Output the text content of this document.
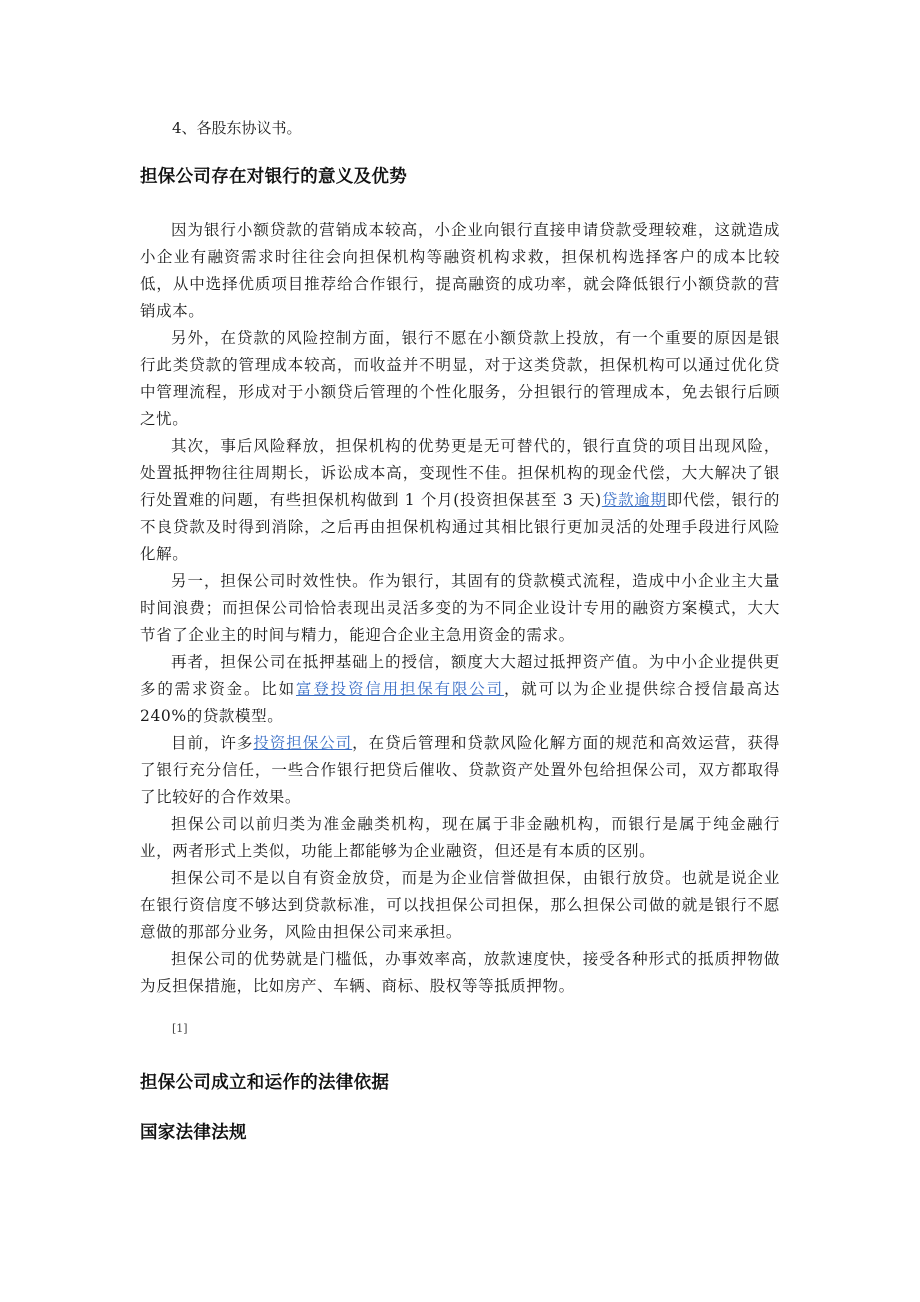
4、各股东协议书。

担保公司存在对银行的意义及优势

因为银行小额贷款的营销成本较高，小企业向银行直接申请贷款受理较难，这就造成小企业有融资需求时往往会向担保机构等融资机构求救，担保机构选择客户的成本比较低，从中选择优质项目推荐给合作银行，提高融资的成功率，就会降低银行小额贷款的营销成本。

另外，在贷款的风险控制方面，银行不愿在小额贷款上投放，有一个重要的原因是银行此类贷款的管理成本较高，而收益并不明显，对于这类贷款，担保机构可以通过优化贷中管理流程，形成对于小额贷后管理的个性化服务，分担银行的管理成本，免去银行后顾之忧。

其次，事后风险释放，担保机构的优势更是无可替代的，银行直贷的项目出现风险，处置抵押物往往周期长，诉讼成本高，变现性不佳。担保机构的现金代偿，大大解决了银行处置难的问题，有些担保机构做到 1 个月(投资担保甚至 3 天)贷款逾期即代偿，银行的不良贷款及时得到消除，之后再由担保机构通过其相比银行更加灵活的处理手段进行风险化解。

另一，担保公司时效性快。作为银行，其固有的贷款模式流程，造成中小企业主大量时间浪费；而担保公司恰恰表现出灵活多变的为不同企业设计专用的融资方案模式，大大节省了企业主的时间与精力，能迎合企业主急用资金的需求。

再者，担保公司在抵押基础上的授信，额度大大超过抵押资产值。为中小企业提供更多的需求资金。比如富登投资信用担保有限公司，就可以为企业提供综合授信最高达 240%的贷款模型。

目前，许多投资担保公司，在贷后管理和贷款风险化解方面的规范和高效运营，获得了银行充分信任，一些合作银行把贷后催收、贷款资产处置外包给担保公司，双方都取得了比较好的合作效果。

担保公司以前归类为准金融类机构，现在属于非金融机构，而银行是属于纯金融行业，两者形式上类似，功能上都能够为企业融资，但还是有本质的区别。

担保公司不是以自有资金放贷，而是为企业信誉做担保，由银行放贷。也就是说企业在银行资信度不够达到贷款标准，可以找担保公司担保，那么担保公司做的就是银行不愿意做的那部分业务，风险由担保公司来承担。

担保公司的优势就是门槛低，办事效率高，放款速度快，接受各种形式的抵质押物做为反担保措施，比如房产、车辆、商标、股权等等抵质押物。

[1]

担保公司成立和运作的法律依据
国家法律法规
